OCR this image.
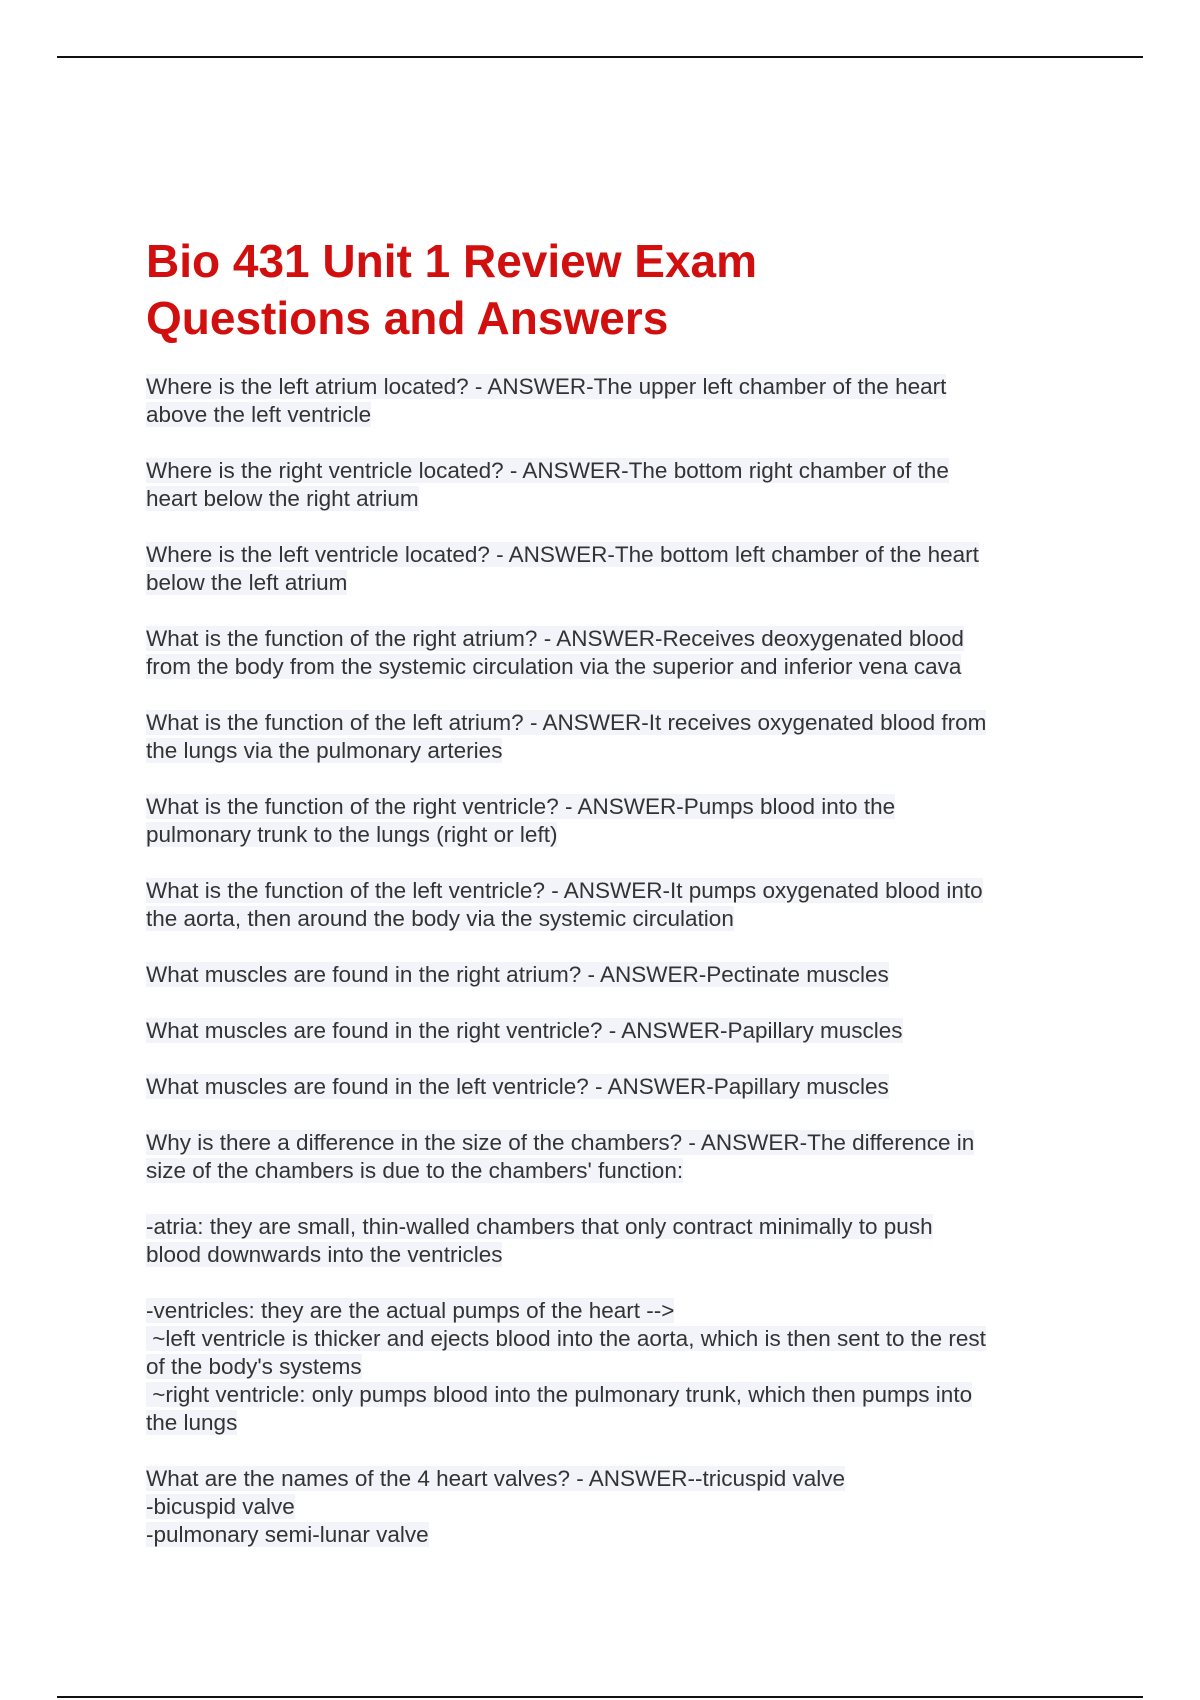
Bio 431 Unit 1 Review Exam
Questions and Answers

Where is the left atrium located? - ANSWER-The upper left chamber of the heart
above the left ventricle

Where is the right ventricle located? - ANSWER-The bottom right chamber of the
heart below the right atrium

Where is the left ventricle located? - ANSWER-The bottom left chamber of the heart
below the left atrium

What is the function of the right atrium? - ANSWER-Receives deoxygenated blood
from the body from the systemic circulation via the superior and inferior vena cava

What is the function of the left atrium? - ANSWER-It receives oxygenated blood from
the lungs via the pulmonary arteries

What is the function of the right ventricle? - ANSWER-Pumps blood into the
pulmonary trunk to the lungs (right or left)

What is the function of the left ventricle? - ANSWER-It pumps oxygenated blood into
the aorta, then around the body via the systemic circulation

What muscles are found in the right atrium? - ANSWER-Pectinate muscles

What muscles are found in the right ventricle? - ANSWER-Papillary muscles

What muscles are found in the left ventricle? - ANSWER-Papillary muscles

Why is there a difference in the size of the chambers? - ANSWER-The difference in
size of the chambers is due to the chambers' function:

-atria: they are small, thin-walled chambers that only contract minimally to push
blood downwards into the ventricles

-ventricles: they are the actual pumps of the heart -->
~left ventricle is thicker and ejects blood into the aorta, which is then sent to the rest
of the body's systems
~right ventricle: only pumps blood into the pulmonary trunk, which then pumps into
the lungs

What are the names of the 4 heart valves? - ANSWER--tricuspid valve
-bicuspid valve
-pulmonary semi-lunar valve
